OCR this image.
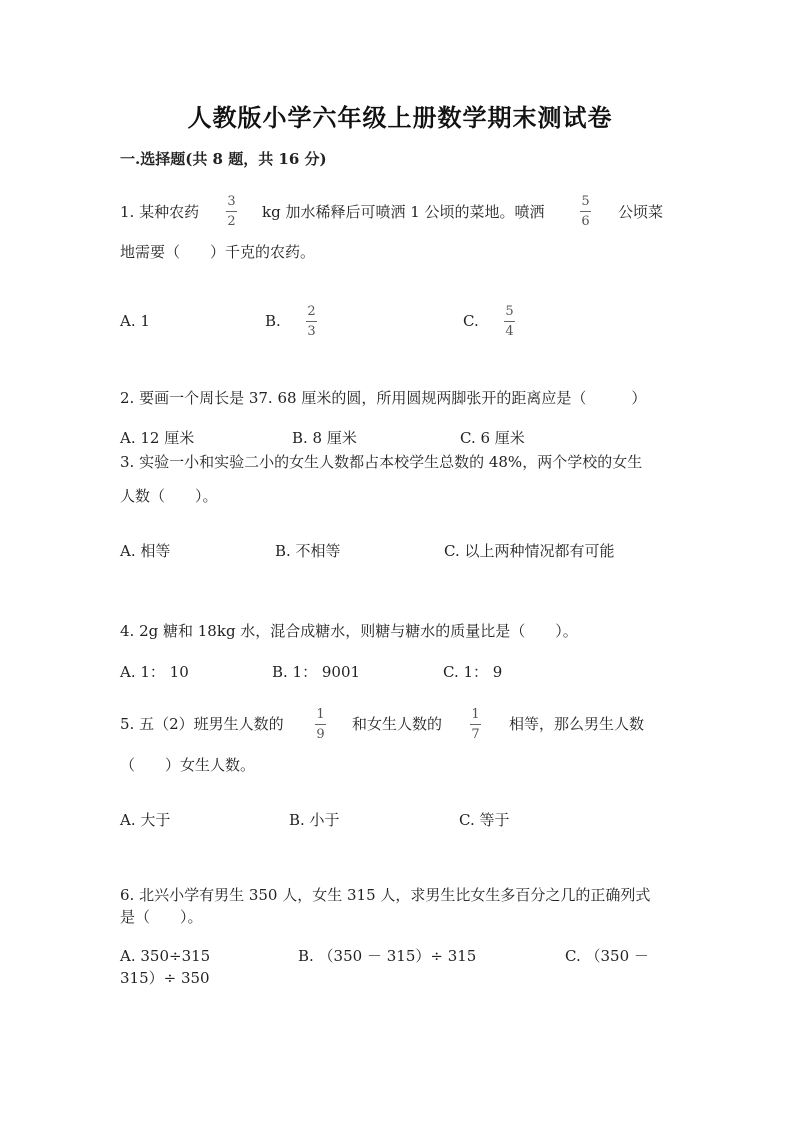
人教版小学六年级上册数学期末测试卷
一.选择题(共 8 题，共 16 分)
1. 某种农药
3
2
kg 加水稀释后可喷洒 1 公顷的菜地。喷洒
5
6
公顷菜
地需要（　　）千克的农药。
A. 1	B.
2
3
C.
5
4
2. 要画一个周长是 37. 68 厘米的圆，所用圆规两脚张开的距离应是（　　　）
A. 12 厘米	B. 8 厘米	C. 6 厘米
3. 实验一小和实验二小的女生人数都占本校学生总数的 48%，两个学校的女生
人数（　　）。
A. 相等	B. 不相等	C. 以上两种情况都有可能
4. 2g 糖和 18kg 水，混合成糖水，则糖与糖水的质量比是（　　）。
A. 1： 10	B. 1： 9001	C. 1： 9
5. 五（2）班男生人数的
1
9
和女生人数的
1
7
相等，那么男生人数
（　　）女生人数。
A. 大于	B. 小于	C. 等于
6. 北兴小学有男生 350 人，女生 315 人，求男生比女生多百分之几的正确列式
是（　　）。
A. 350÷315	B. （350 － 315）÷ 315	C. （350 －
315）÷ 350
